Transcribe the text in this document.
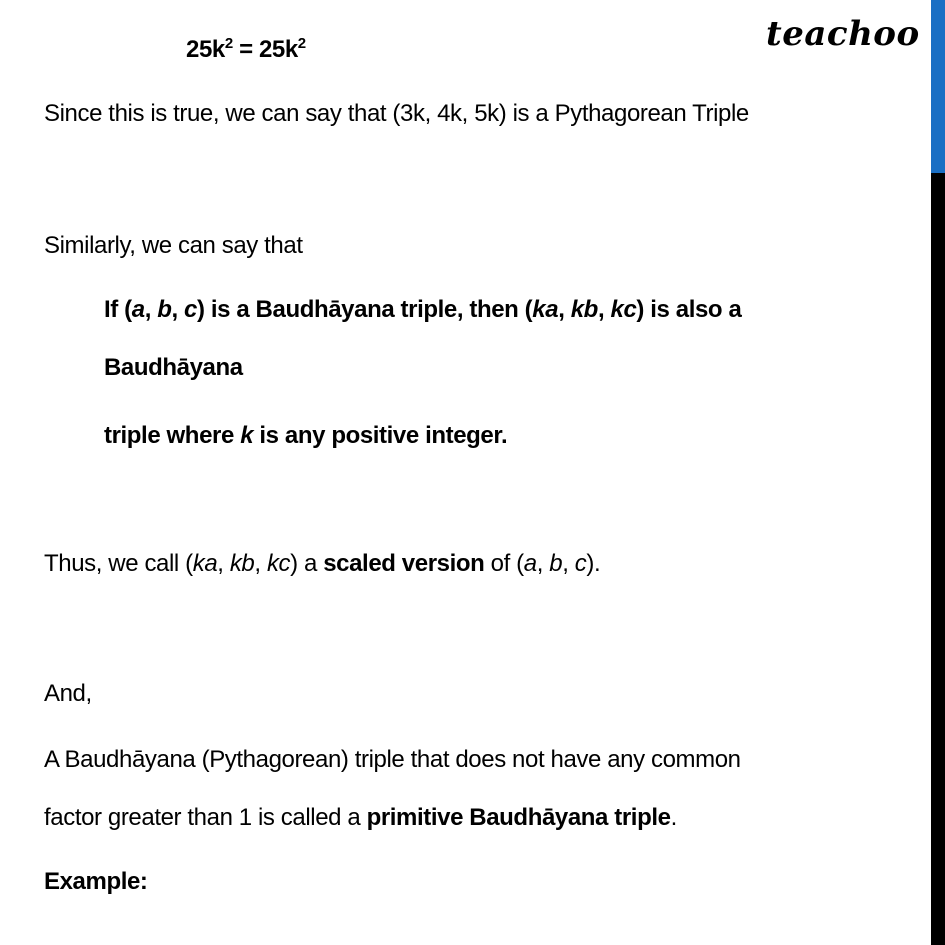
teachoo
$25k^2 = 25k^2$
Since this is true, we can say that (3k, 4k, 5k) is a Pythagorean Triple
Similarly, we can say that
If (a, b, c) is a Baudhāyana triple, then (ka, kb, kc) is also a
Baudhāyana
triple where k is any positive integer.
Thus, we call (ka, kb, kc) a scaled version of (a, b, c).
And,
A Baudhāyana (Pythagorean) triple that does not have any common
factor greater than 1 is called a primitive Baudhāyana triple.
Example:
